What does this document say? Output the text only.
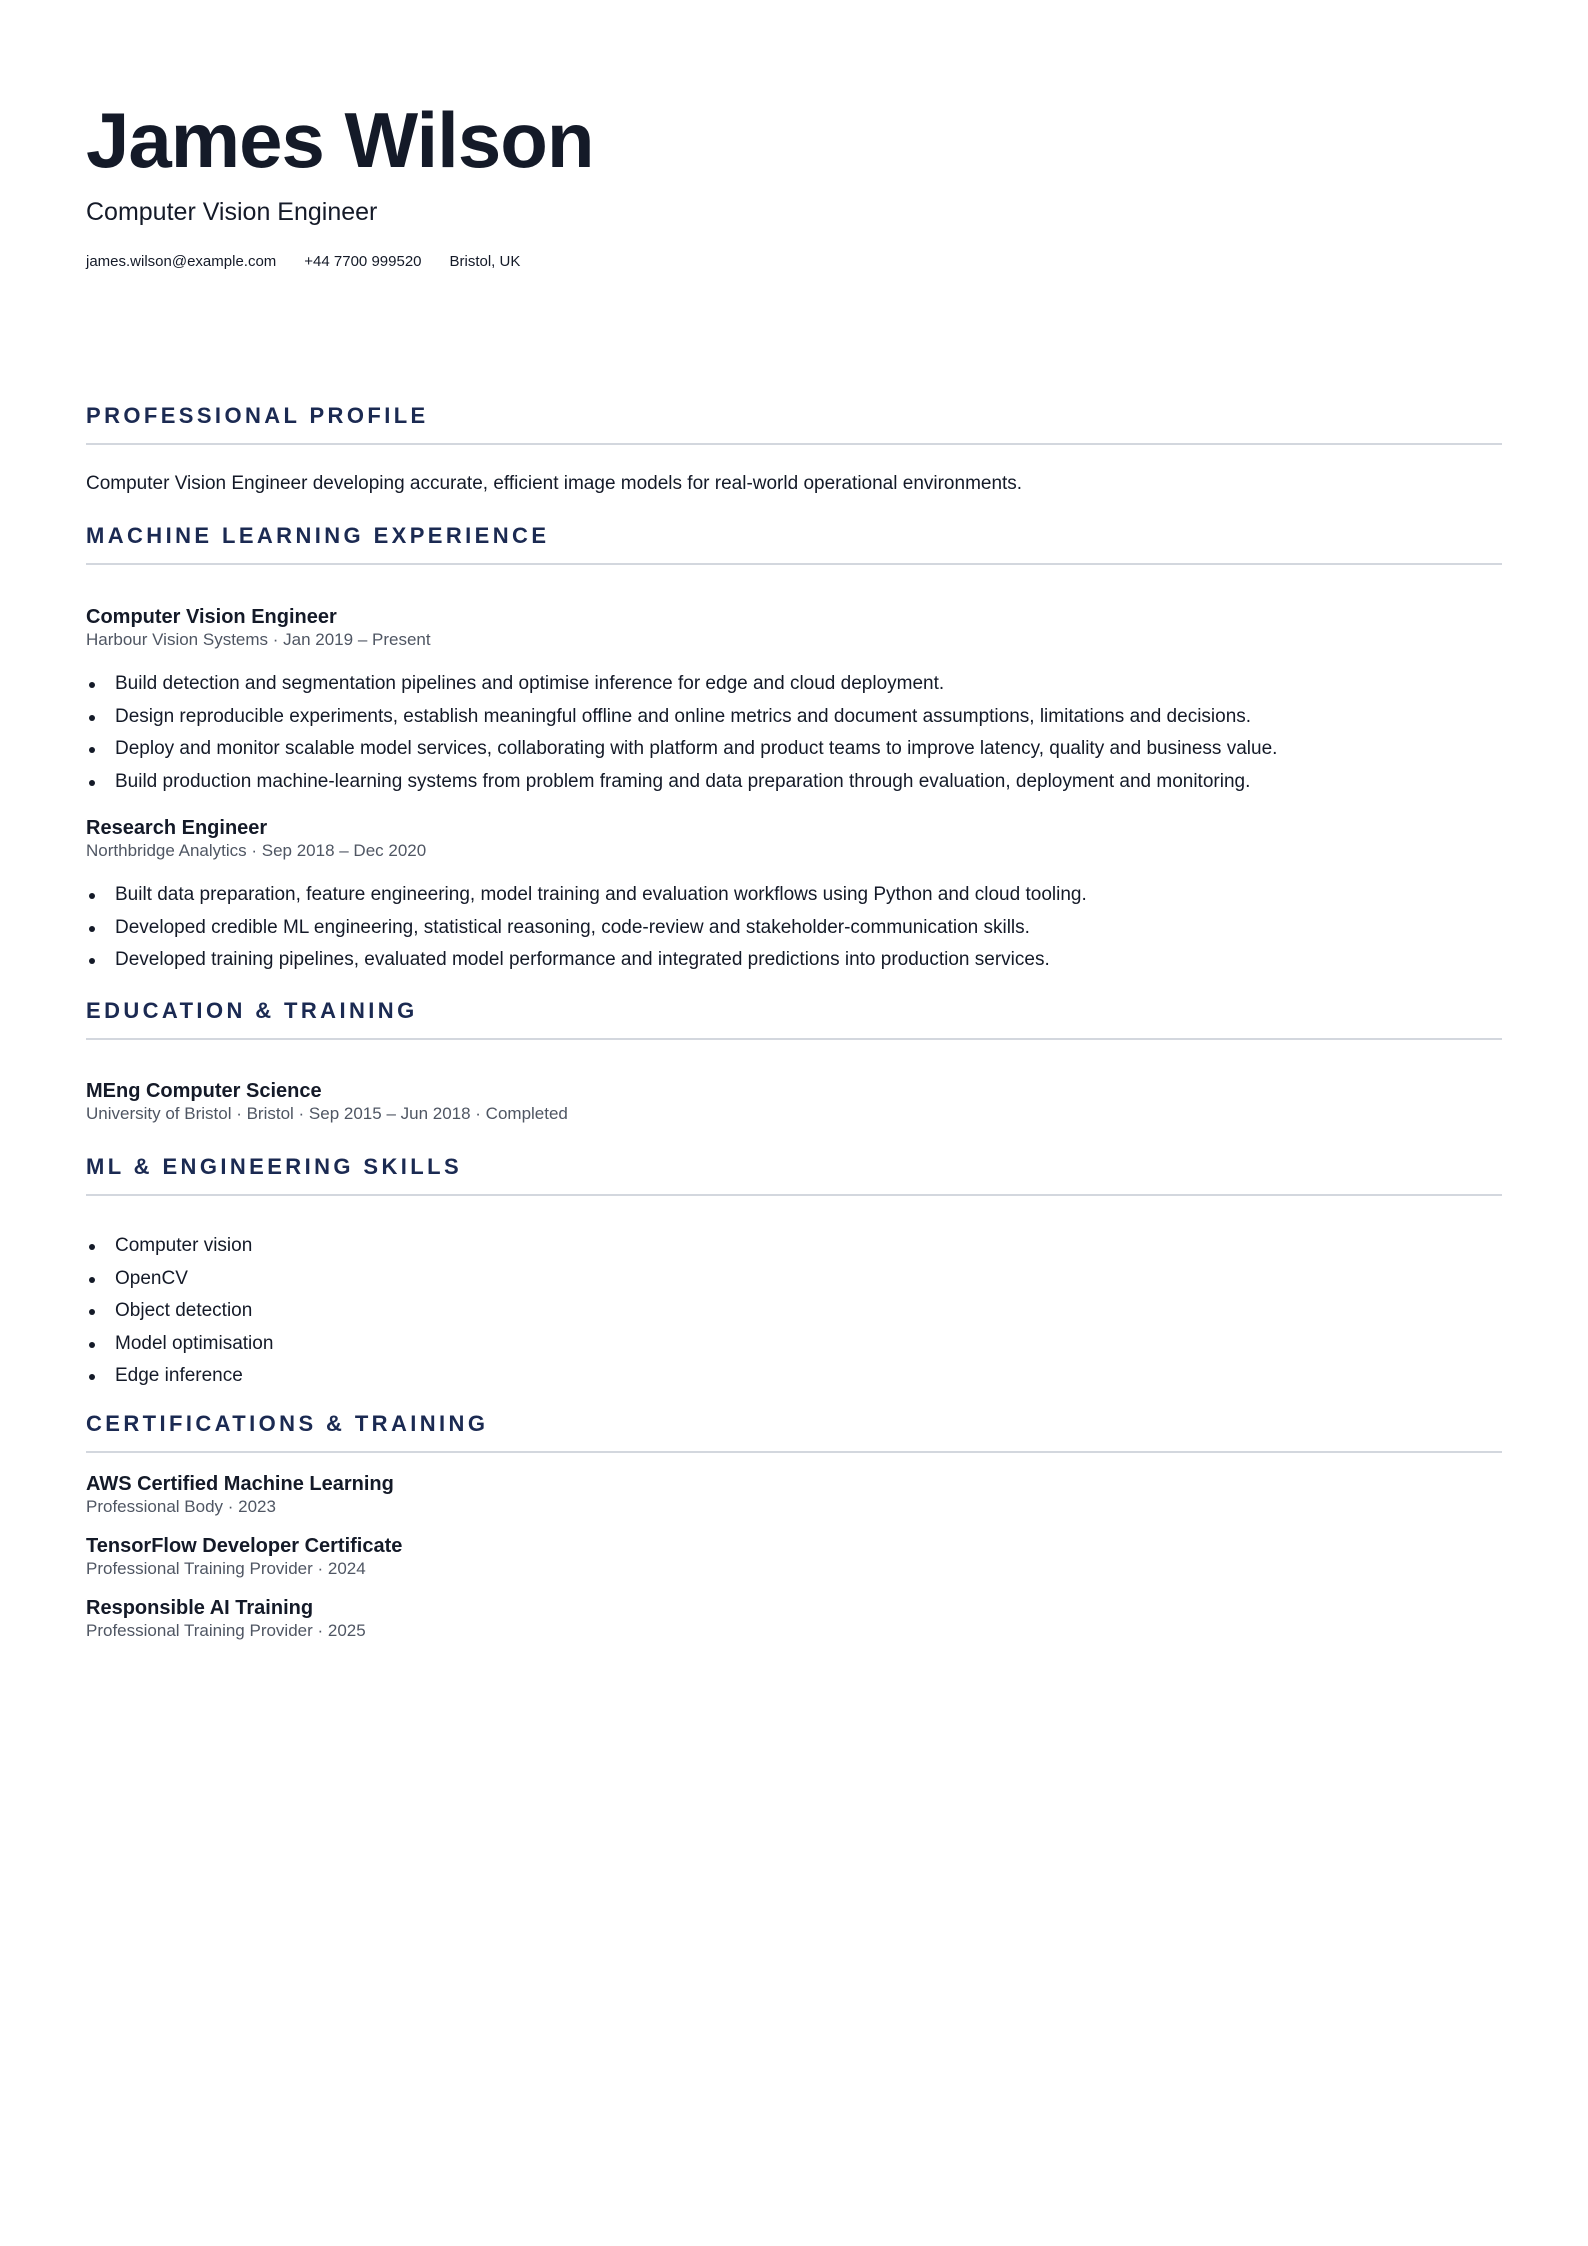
James Wilson
Computer Vision Engineer
james.wilson@example.com +44 7700 999520 Bristol, UK
PROFESSIONAL PROFILE

Computer Vision Engineer developing accurate, efficient image models for real-world operational environments.

MACHINE LEARNING EXPERIENCE

Computer Vision Engineer

Harbour Vision Systems · Jan 2019 – Present

Build detection and segmentation pipelines and optimise inference for edge and cloud deployment.
Design reproducible experiments, establish meaningful offline and online metrics and document assumptions, limitations and decisions.
Deploy and monitor scalable model services, collaborating with platform and product teams to improve latency, quality and business value.
Build production machine-learning systems from problem framing and data preparation through evaluation, deployment and monitoring.

Research Engineer

Northbridge Analytics · Sep 2018 – Dec 2020

Built data preparation, feature engineering, model training and evaluation workflows using Python and cloud tooling.
Developed credible ML engineering, statistical reasoning, code-review and stakeholder-communication skills.
Developed training pipelines, evaluated model performance and integrated predictions into production services.
EDUCATION & TRAINING

MEng Computer Science

University of Bristol · Bristol · Sep 2015 – Jun 2018 · Completed

ML & ENGINEERING SKILLS
Computer vision
OpenCV
Object detection
Model optimisation
Edge inference
CERTIFICATIONS & TRAINING

AWS Certified Machine Learning

Professional Body · 2023

TensorFlow Developer Certificate

Professional Training Provider · 2024

Responsible AI Training

Professional Training Provider · 2025
